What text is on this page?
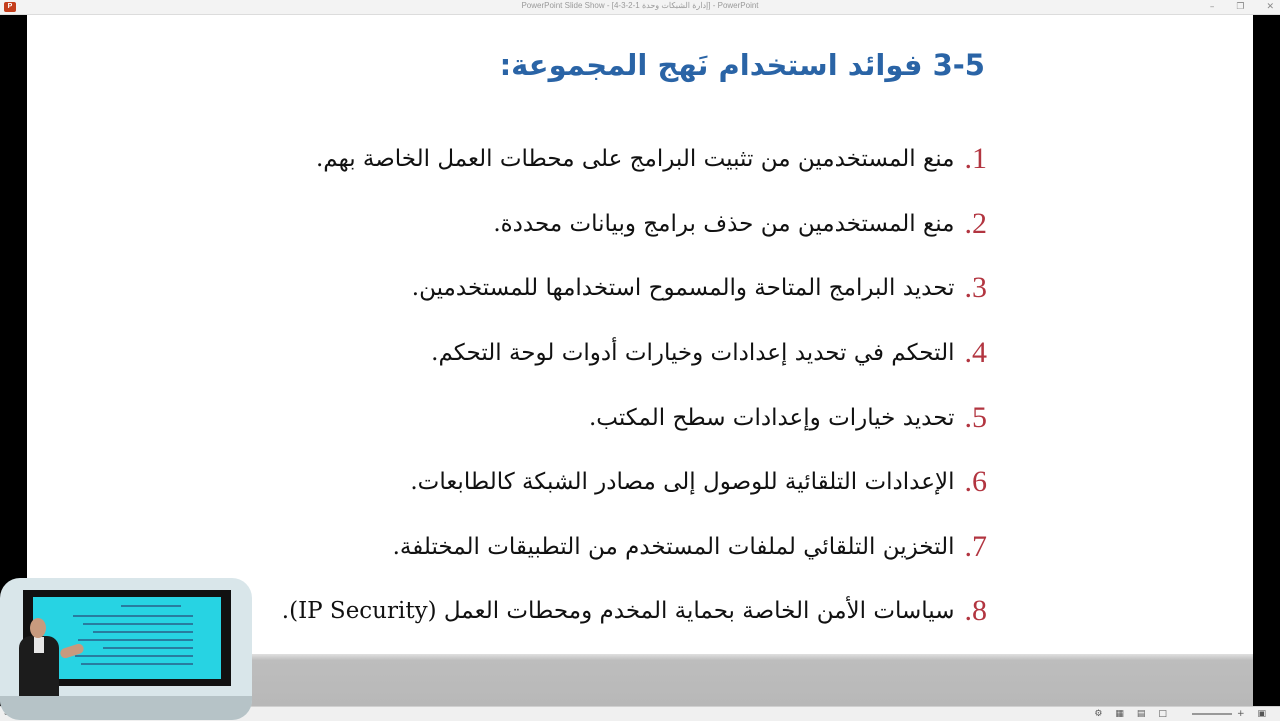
P	PowerPoint Slide Show - [4-3-2-1 إدارة الشبكات وحدة] - PowerPoint	– ❐ ✕
3-5 فوائد استخدام نَهج المجموعة:
1.
منع المستخدمين من تثبيت البرامج على محطات العمل الخاصة بهم.
2.
منع المستخدمين من حذف برامج وبيانات محددة.
3.
تحديد البرامج المتاحة والمسموح استخدامها للمستخدمين.
4.
التحكم في تحديد إعدادات وخيارات أدوات لوحة التحكم.
5.
تحديد خيارات وإعدادات سطح المكتب.
6.
الإعدادات التلقائية للوصول إلى مصادر الشبكة كالطابعات.
7.
التخزين التلقائي لملفات المستخدم من التطبيقات المختلفة.
8.
سياسات الأمن الخاصة بحماية المخدم ومحطات العمل (IP Security).
⚙ ▦ ▤ □	+ ▣
